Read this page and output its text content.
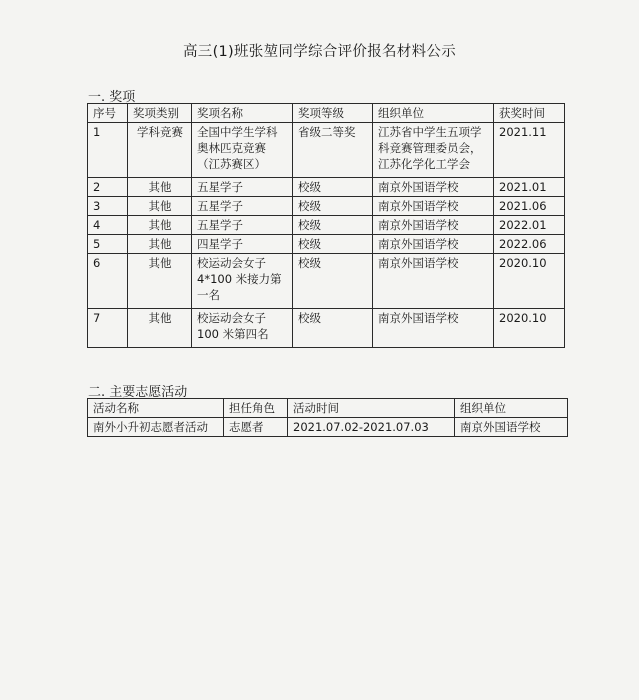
高三(1)班张堃同学综合评价报名材料公示
一. 奖项
序号	奖项类别	奖项名称	奖项等级	组织单位	获奖时间
1	学科竞赛	全国中学生学科
奥林匹克竞赛
（江苏赛区）	省级二等奖	江苏省中学生五项学
科竞赛管理委员会，
江苏化学化工学会	2021.11
2	其他	五星学子	校级	南京外国语学校	2021.01
3	其他	五星学子	校级	南京外国语学校	2021.06
4	其他	五星学子	校级	南京外国语学校	2022.01
5	其他	四星学子	校级	南京外国语学校	2022.06
6	其他	校运动会女子
4*100 米接力第
一名	校级	南京外国语学校	2020.10
7	其他	校运动会女子
100 米第四名	校级	南京外国语学校	2020.10
二. 主要志愿活动
活动名称	担任角色	活动时间	组织单位
南外小升初志愿者活动	志愿者	2021.07.02-2021.07.03	南京外国语学校
